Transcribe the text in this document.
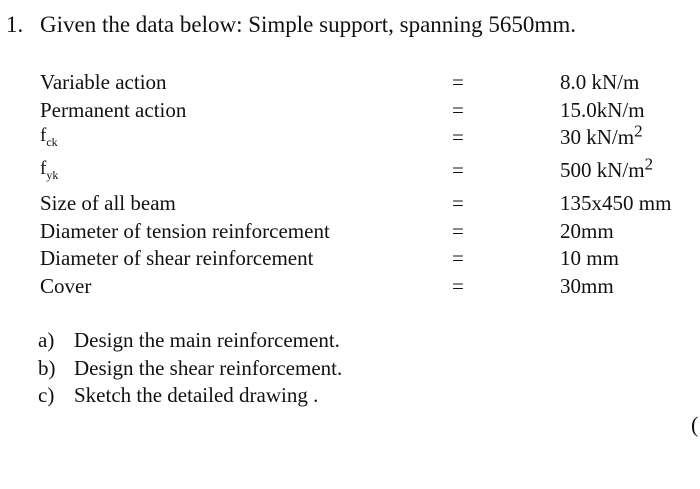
1. Given the data below: Simple support, spanning 5650mm.
Variable action	=	8.0 kN/m
Permanent action	=	15.0kN/m
$f_{ck}$	=	30 $kN/m^2$
$f_{yk}$	=	500 $kN/m^2$
Size of all beam	=	135x450 mm
Diameter of tension reinforcement	=	20mm
Diameter of shear reinforcement	=	10 mm
Cover	=	30mm
a) Design the main reinforcement.
b) Design the shear reinforcement.
c) Sketch the detailed drawing .
(
